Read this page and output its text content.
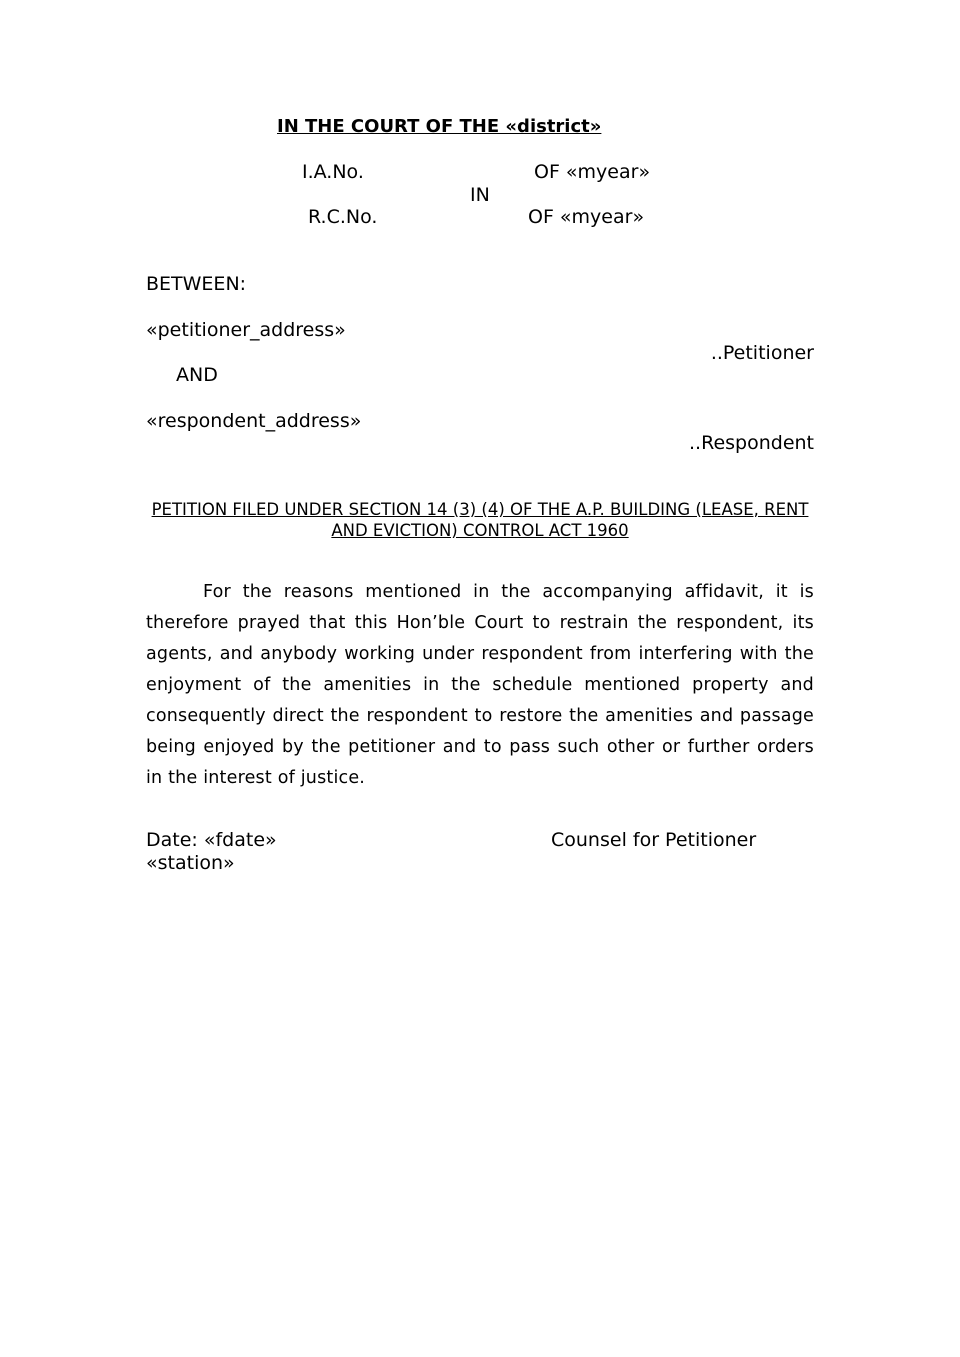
IN THE COURT OF THE «district»
I.A.No.	OF «myear»
IN
R.C.No.	OF «myear»
BETWEEN:
«petitioner_address»
..Petitioner
AND
«respondent_address»
..Respondent
PETITION FILED UNDER SECTION 14 (3) (4) OF THE A.P. BUILDING (LEASE, RENT AND EVICTION) CONTROL ACT 1960

For the reasons mentioned in the accompanying affidavit, it is therefore prayed that this Hon’ble Court to restrain the respondent, its agents, and anybody working under respondent from interfering with the enjoyment of the amenities in the schedule mentioned property and consequently direct the respondent to restore the amenities and passage being enjoyed by the petitioner and to pass such other or further orders in the interest of justice.

Date: «fdate»	Counsel for Petitioner
«station»
